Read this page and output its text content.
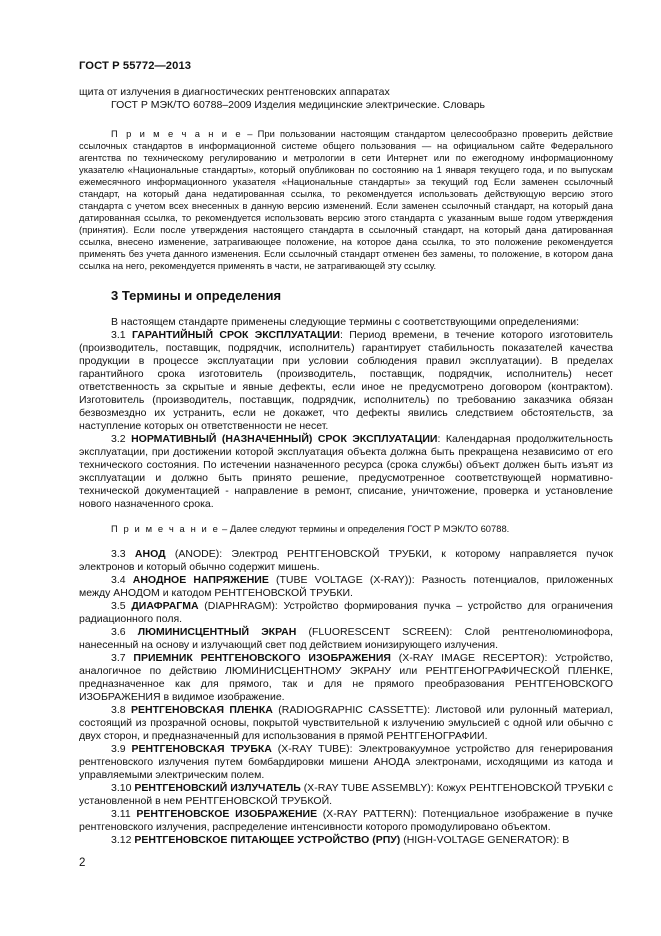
ГОСТ Р 55772—2013

щита от излучения в диагностических рентгеновских аппаратах

ГОСТ Р МЭК/ТО 60788–2009 Изделия медицинские электрические. Словарь

П р и м е ч а н и е – При пользовании настоящим стандартом целесообразно проверить действие ссылочных стандартов в информационной системе общего пользования — на официальном сайте Федерального агентства по техническому регулированию и метрологии в сети Интернет или по ежегодному информационному указателю «Национальные стандарты», который опубликован по состоянию на 1 января текущего года, и по выпускам ежемесячного информационного указателя «Национальные стандарты» за текущий год Если заменен ссылочный стандарт, на который дана недатированная ссылка, то рекомендуется использовать действующую версию этого стандарта с учетом всех внесенных в данную версию изменений. Если заменен ссылочный стандарт, на который дана датированная ссылка, то рекомендуется использовать версию этого стандарта с указанным выше годом утверждения (принятия). Если после утверждения настоящего стандарта в ссылочный стандарт, на который дана датированная ссылка, внесено изменение, затрагивающее положение, на которое дана ссылка, то это положение рекомендуется применять без учета данного изменения. Если ссылочный стандарт отменен без замены, то положение, в котором дана ссылка на него, рекомендуется применять в части, не затрагивающей эту ссылку.

3 Термины и определения

В настоящем стандарте применены следующие термины с соответствующими определениями:

3.1 ГАРАНТИЙНЫЙ СРОК ЭКСПЛУАТАЦИИ: Период времени, в течение которого изготовитель (производитель, поставщик, подрядчик, исполнитель) гарантирует стабильность показателей качества продукции в процессе эксплуатации при условии соблюдения правил эксплуатации). В пределах гарантийного срока изготовитель (производитель, поставщик, подрядчик, исполнитель) несет ответственность за скрытые и явные дефекты, если иное не предусмотрено договором (контрактом). Изготовитель (производитель, поставщик, подрядчик, исполнитель) по требованию заказчика обязан безвозмездно их устранить, если не докажет, что дефекты явились следствием обстоятельств, за наступление которых он ответственности не несет.

3.2 НОРМАТИВНЫЙ (НАЗНАЧЕННЫЙ) СРОК ЭКСПЛУАТАЦИИ: Календарная продолжительность эксплуатации, при достижении которой эксплуатация объекта должна быть прекращена независимо от его технического состояния. По истечении назначенного ресурса (срока службы) объект должен быть изъят из эксплуатации и должно быть принято решение, предусмотренное соответствующей нормативно-технической документацией - направление в ремонт, списание, уничтожение, проверка и установление нового назначенного срока.

П р и м е ч а н и е – Далее следуют термины и определения ГОСТ Р МЭК/ТО 60788.

3.3 АНОД (ANODE): Электрод РЕНТГЕНОВСКОЙ ТРУБКИ, к которому направляется пучок электронов и который обычно содержит мишень.

3.4 АНОДНОЕ НАПРЯЖЕНИЕ (TUBE VOLTAGE (X-RAY)): Разность потенциалов, приложенных между АНОДОМ и катодом РЕНТГЕНОВСКОЙ ТРУБКИ.

3.5 ДИАФРАГМА (DIAPHRAGM): Устройство формирования пучка – устройство для ограничения радиационного поля.

3.6 ЛЮМИНИСЦЕНТНЫЙ ЭКРАН (FLUORESCENT SCREEN): Слой рентгенолюминофора, нанесенный на основу и излучающий свет под действием ионизирующего излучения.

3.7 ПРИЕМНИК РЕНТГЕНОВСКОГО ИЗОБРАЖЕНИЯ (X-RAY IMAGE RECEPTOR): Устройство, аналогичное по действию ЛЮМИНИСЦЕНТНОМУ ЭКРАНУ или РЕНТГЕНОГРАФИЧЕСКОЙ ПЛЕНКЕ, предназначенное как для прямого, так и для не прямого преобразования РЕНТГЕНОВСКОГО ИЗОБРАЖЕНИЯ в видимое изображение.

3.8 РЕНТГЕНОВСКАЯ ПЛЕНКА (RADIOGRAPHIC CASSETTE): Листовой или рулонный материал, состоящий из прозрачной основы, покрытой чувствительной к излучению эмульсией с одной или обычно с двух сторон, и предназначенный для использования в прямой РЕНТГЕНОГРАФИИ.

3.9 РЕНТГЕНОВСКАЯ ТРУБКА (X-RAY TUBE): Электровакуумное устройство для генерирования рентгеновского излучения путем бомбардировки мишени АНОДА электронами, исходящими из катода и управляемыми электрическим полем.

3.10 РЕНТГЕНОВСКИЙ ИЗЛУЧАТЕЛЬ (X-RAY TUBE ASSEMBLY): Кожух РЕНТГЕНОВСКОЙ ТРУБКИ с установленной в нем РЕНТГЕНОВСКОЙ ТРУБКОЙ.

3.11 РЕНТГЕНОВСКОЕ ИЗОБРАЖЕНИЕ (X-RAY PATTERN): Потенциальное изображение в пучке рентгеновского излучения, распределение интенсивности которого промодулировано объектом.

3.12 РЕНТГЕНОВСКОЕ ПИТАЮЩЕЕ УСТРОЙСТВО (РПУ) (HIGH-VOLTAGE GENERATOR): В

2
